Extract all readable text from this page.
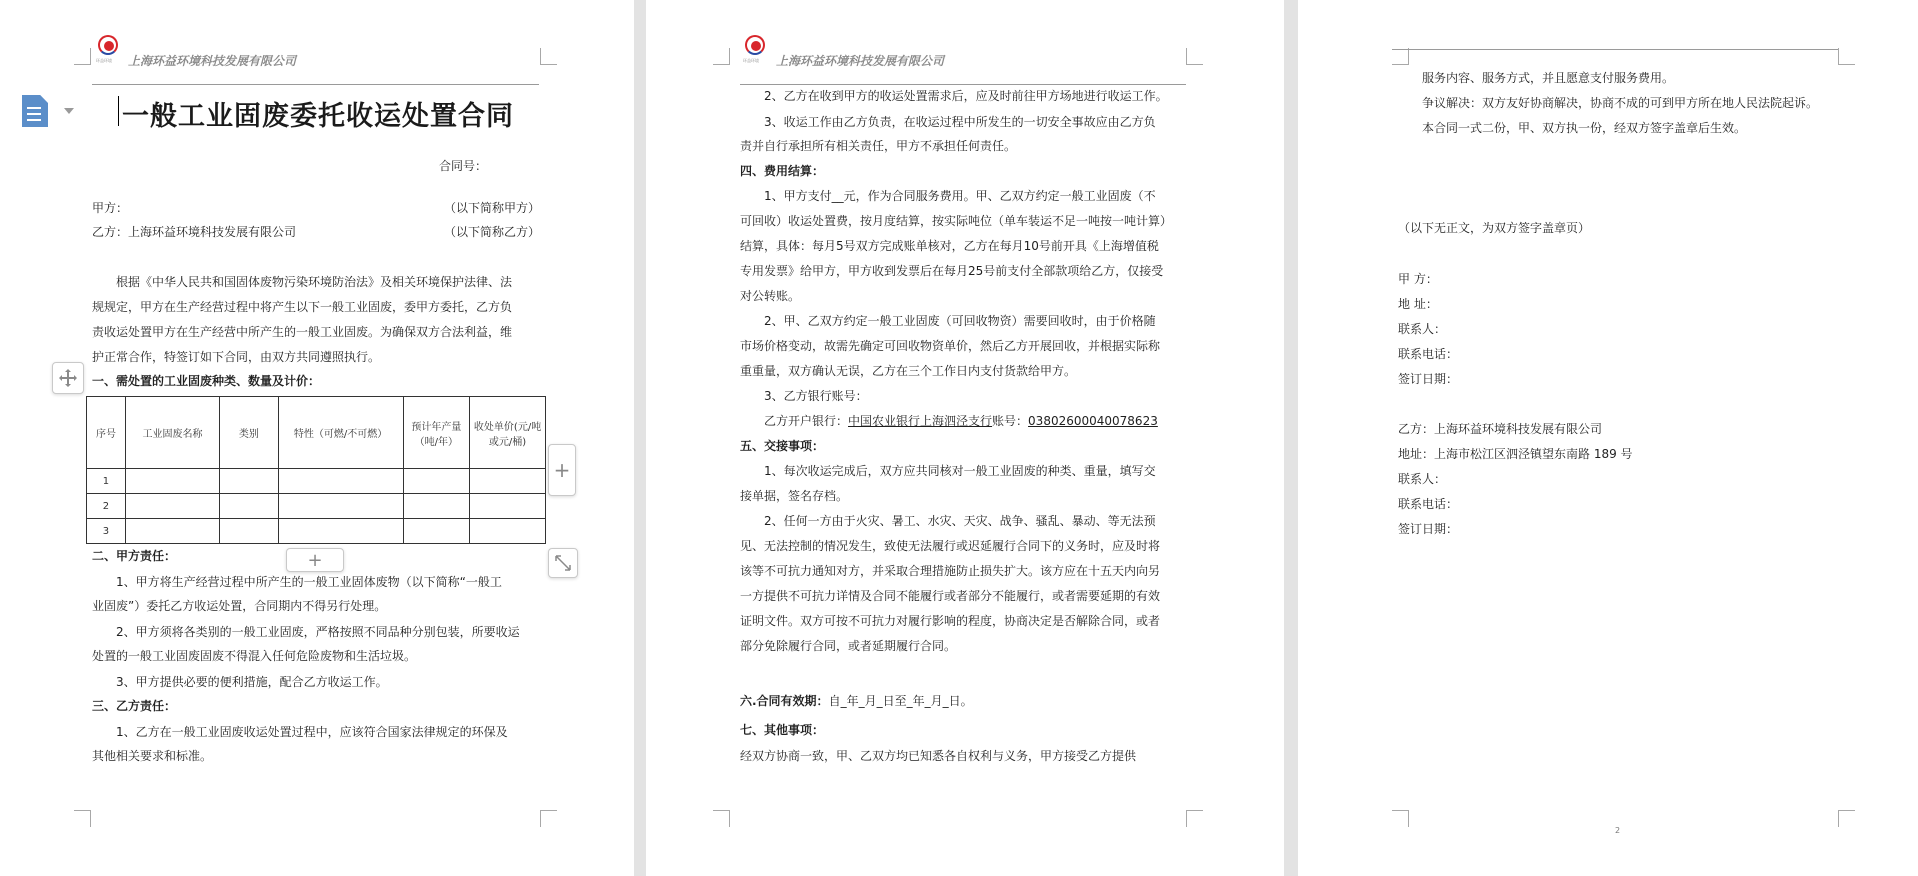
环益环境 上海环益环境科技发展有限公司
一般工业固废委托收运处置合同
合同号：
甲方：	（以下简称甲方）
乙方：上海环益环境科技发展有限公司	（以下简称乙方）
根据《中华人民共和国固体废物污染环境防治法》及相关环境保护法律、法
规规定，甲方在生产经营过程中将产生以下一般工业固废，委甲方委托，乙方负
责收运处置甲方在生产经营中所产生的一般工业固废。为确保双方合法利益，维
护正常合作，特签订如下合同，由双方共同遵照执行。
一、需处置的工业固废种类、数量及计价：
序号	工业固废名称	类别	特性（可燃/不可燃）	预计年产量（吨/年）	收处单价(元/吨或元/桶)
1					
2					
3					
+
+
二、甲方责任：
1、甲方将生产经营过程中所产生的一般工业固体废物（以下简称“一般工
业固废”）委托乙方收运处置，合同期内不得另行处理。
2、甲方须将各类别的一般工业固废，严格按照不同品种分别包装，所要收运
处置的一般工业固废固废不得混入任何危险废物和生活垃圾。
3、甲方提供必要的便利措施，配合乙方收运工作。
三、乙方责任：
1、乙方在一般工业固废收运处置过程中，应该符合国家法律规定的环保及
其他相关要求和标准。
环益环境 上海环益环境科技发展有限公司
2、乙方在收到甲方的收运处置需求后，应及时前往甲方场地进行收运工作。
3、收运工作由乙方负责，在收运过程中所发生的一切安全事故应由乙方负
责并自行承担所有相关责任，甲方不承担任何责任。
四、费用结算：
1、甲方支付__元，作为合同服务费用。甲、乙双方约定一般工业固废（不
可回收）收运处置费，按月度结算，按实际吨位（单车装运不足一吨按一吨计算）
结算，具体：每月5号双方完成账单核对，乙方在每月10号前开具《上海增值税
专用发票》给甲方，甲方收到发票后在每月25号前支付全部款项给乙方，仅接受
对公转账。
2、甲、乙双方约定一般工业固废（可回收物资）需要回收时，由于价格随
市场价格变动，故需先确定可回收物资单价，然后乙方开展回收，并根据实际称
重重量，双方确认无误，乙方在三个工作日内支付货款给甲方。
3、乙方银行账号：
乙方开户银行：中国农业银行上海泗泾支行账号：03802600040078623
五、交接事项：
1、每次收运完成后，双方应共同核对一般工业固废的种类、重量，填写交
接单据，签名存档。
2、任何一方由于火灾、暑工、水灾、天灾、战争、骚乱、暴动、等无法预
见、无法控制的情况发生，致使无法履行或迟延履行合同下的义务时，应及时将
该等不可抗力通知对方，并采取合理措施防止损失扩大。该方应在十五天内向另
一方提供不可抗力详情及合同不能履行或者部分不能履行，或者需要延期的有效
证明文件。双方可按不可抗力对履行影响的程度，协商决定是否解除合同，或者
部分免除履行合同，或者延期履行合同。
六.合同有效期：自_年_月_日至_年_月_日。
七、其他事项：
经双方协商一致，甲、乙双方均已知悉各自权利与义务，甲方接受乙方提供
服务内容、服务方式，并且愿意支付服务费用。
争议解决：双方友好协商解决，协商不成的可到甲方所在地人民法院起诉。
本合同一式二份，甲、双方执一份，经双方签字盖章后生效。
（以下无正文，为双方签字盖章页）
甲 方：
地 址：
联系人：
联系电话：
签订日期：
乙方：上海环益环境科技发展有限公司
地址：上海市松江区泗泾镇望东南路 189 号
联系人：
联系电话：
签订日期：
2
